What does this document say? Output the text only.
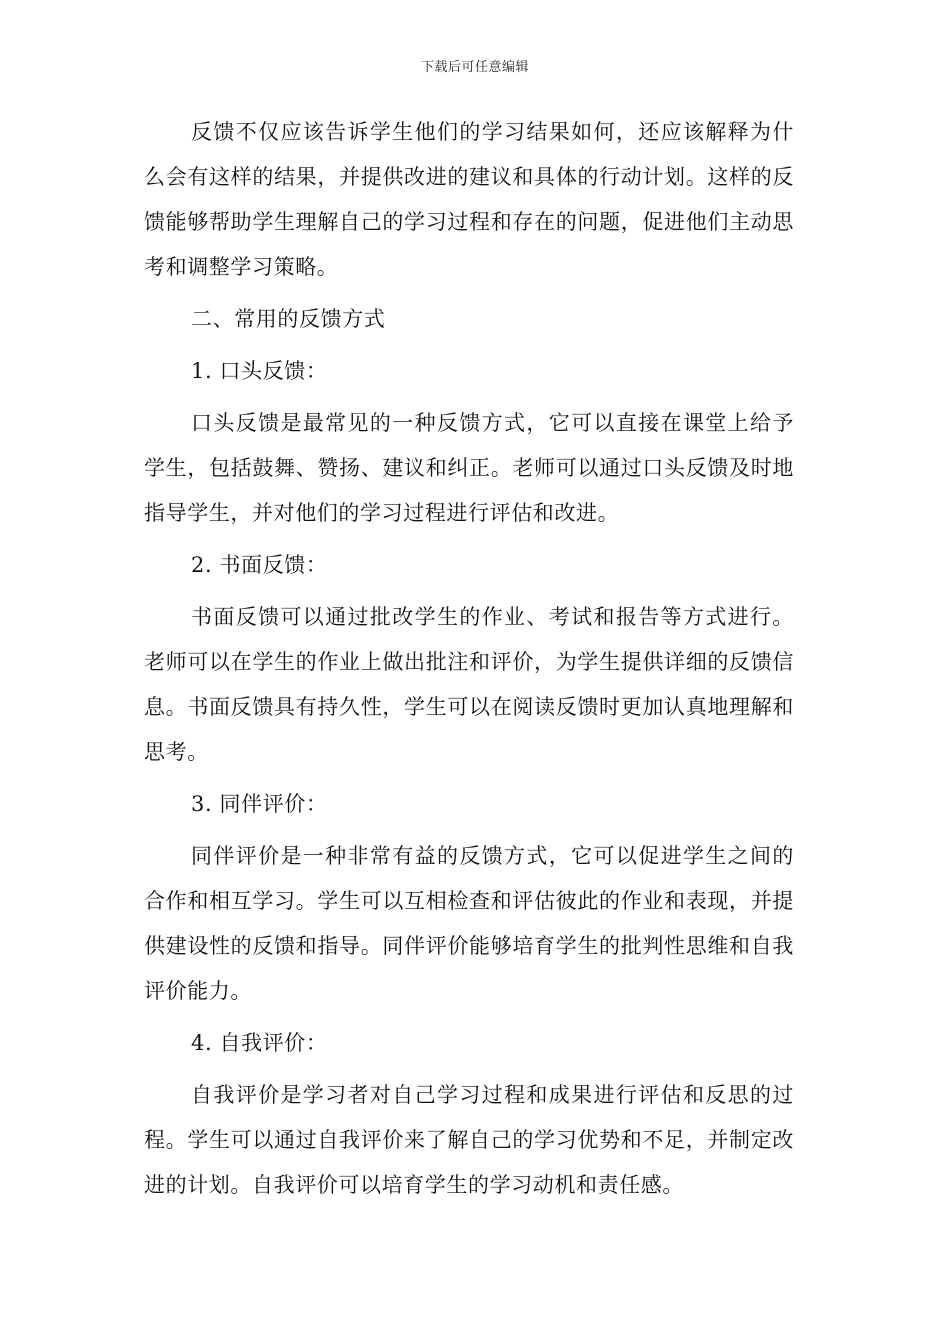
下载后可任意编辑

反馈不仅应该告诉学生他们的学习结果如何，还应该解释为什么会有这样的结果，并提供改进的建议和具体的行动计划。这样的反馈能够帮助学生理解自己的学习过程和存在的问题，促进他们主动思考和调整学习策略。

二、常用的反馈方式

1. 口头反馈：

口头反馈是最常见的一种反馈方式，它可以直接在课堂上给予学生，包括鼓舞、赞扬、建议和纠正。老师可以通过口头反馈及时地指导学生，并对他们的学习过程进行评估和改进。

2. 书面反馈：

书面反馈可以通过批改学生的作业、考试和报告等方式进行。老师可以在学生的作业上做出批注和评价，为学生提供详细的反馈信息。书面反馈具有持久性，学生可以在阅读反馈时更加认真地理解和思考。

3. 同伴评价：

同伴评价是一种非常有益的反馈方式，它可以促进学生之间的合作和相互学习。学生可以互相检查和评估彼此的作业和表现，并提供建设性的反馈和指导。同伴评价能够培育学生的批判性思维和自我评价能力。

4. 自我评价：

自我评价是学习者对自己学习过程和成果进行评估和反思的过程。学生可以通过自我评价来了解自己的学习优势和不足，并制定改进的计划。自我评价可以培育学生的学习动机和责任感。
